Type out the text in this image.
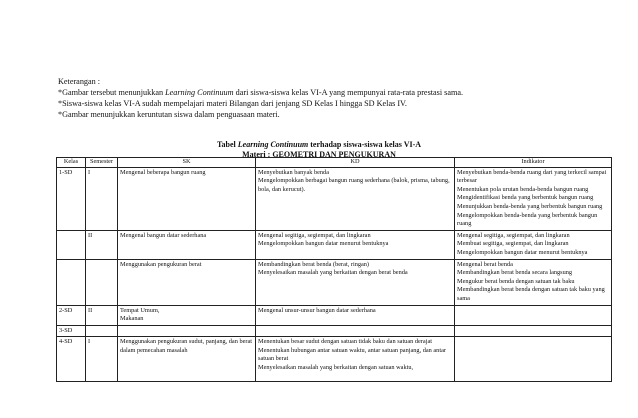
Keterangan :
*Gambar tersebut menunjukkan Learning Continuum dari siswa-siswa kelas VI-A yang mempunyai rata-rata prestasi sama.
*Siswa-siswa kelas VI-A sudah mempelajari materi Bilangan dari jenjang SD Kelas I hingga SD Kelas IV.
*Gambar menunjukkan keruntutan siswa dalam penguasaan materi.
Tabel Learning Continuum terhadap siswa-siswa kelas VI-A
Materi : GEOMETRI DAN PENGUKURAN
Kelas	Semester	SK	KD	Indikator
1-SD	I	Mengenal beberapa bangun ruang	Menyebutkan banyak benda
Mengelompokkan berbagai bangun ruang sederhana (balok, prisma, tabung, bola, dan kerucut).	Menyebutkan benda-benda ruang dari yang terkecil sampai terbesar
Menentukan pola urutan benda-benda bangun ruang
Mengidentifikasi benda yang berbentuk bangun ruang
Menunjukkan benda-benda yang berbentuk bangun ruang
Mengelompokkan benda-benda yang berbentuk bangun ruang

	II	Mengenal bangun datar sederhana	Mengenal segitiga, segiempat, dan lingkaran
Mengelompokkan bangun datar menurut bentuknya	Mengenal segitiga, segiempat, dan lingkaran
Membuat segitiga, segiempat, dan lingkaran
Mengelompokkan bangun datar menurut bentuknya

		Menggunakan pengukuran berat	Membandingkan berat benda (berat, ringan)
Menyelesaikan masalah yang berkaitan dengan berat benda	Mengenal berat benda
Membandingkan berat benda secara langsung
Mengukur berat benda dengan satuan tak baku
Membandingkan berat benda dengan satuan tak baku yang sama

2-SD	II	Tempat Umum,
Makanan	Mengenal unsur-unsur bangun datar sederhana	

3-SD				
4-SD	I	Menggunakan pengukuran sudut, panjang, dan berat dalam pemecahan masalah	Menentukan besar sudut dengan satuan tidak baku dan satuan derajat
Menentukan hubungan antar satuan waktu, antar satuan panjang, dan antar satuan berat
Menyelesaikan masalah yang berkaitan dengan satuan waktu,	
